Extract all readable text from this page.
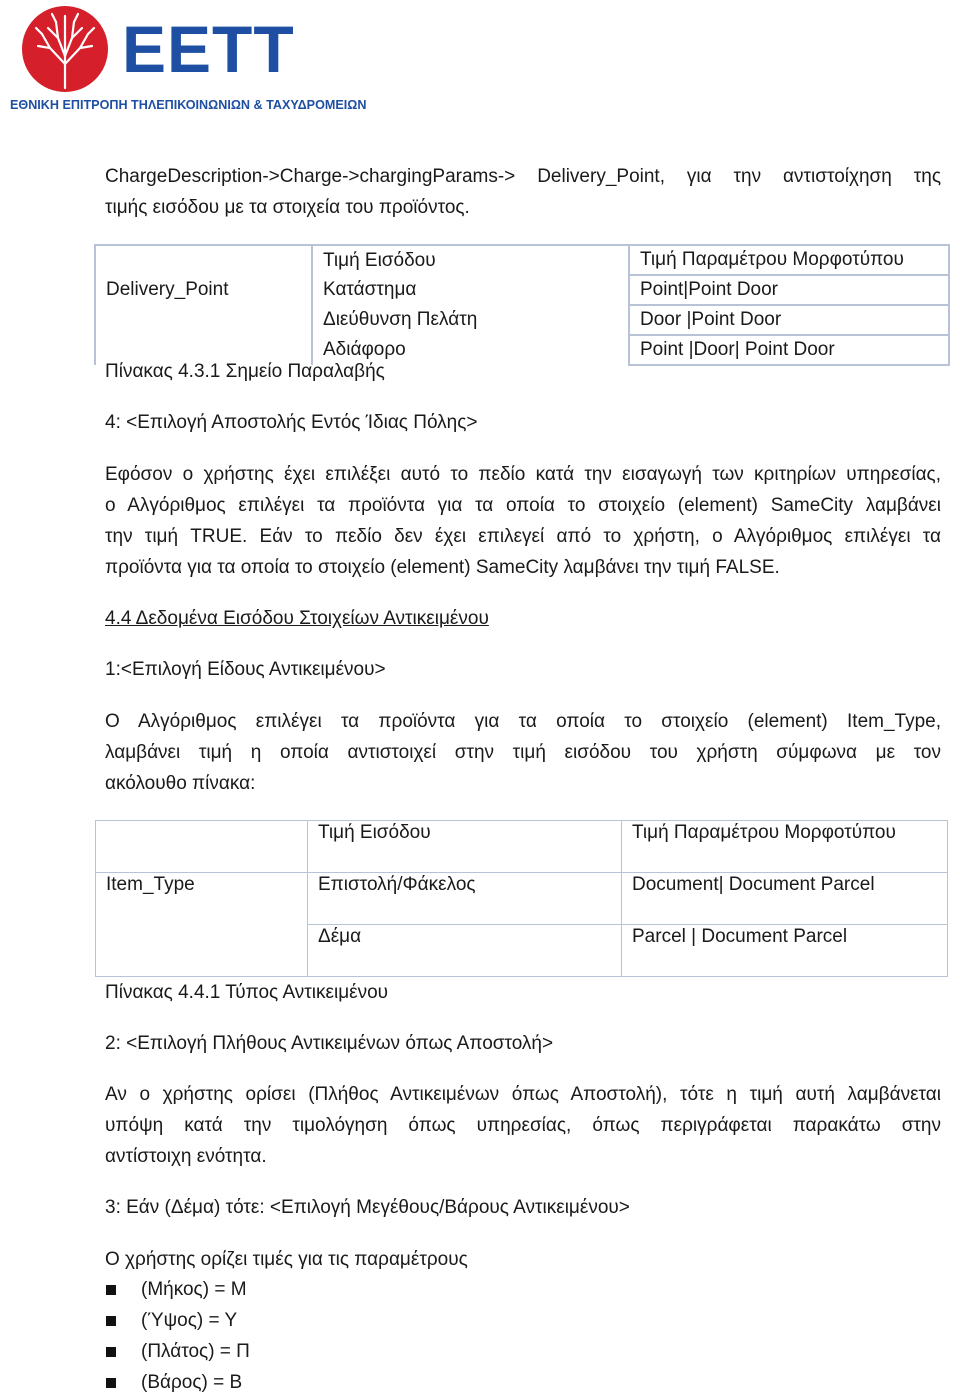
ΕΕΤΤ
ΕΘΝΙΚΗ ΕΠΙΤΡΟΠΗ ΤΗΛΕΠΙΚΟΙΝΩΝΙΩΝ & ΤΑΧΥΔΡΟΜΕΙΩΝ
ChargeDescription->Charge->chargingParams-> Delivery_Point, για την αντιστοίχηση της
τιμής εισόδου με τα στοιχεία του προϊόντος.
	Τιμή Εισόδου	Τιμή Παραμέτρου Μορφοτύπου
Delivery_Point	Κατάστημα	Point|Point Door
	Διεύθυνση Πελάτη	Door |Point Door
	Αδιάφορο	Point |Door| Point Door
Πίνακας 4.3.1 Σημείο Παραλαβής
4: <Επιλογή Αποστολής Εντός Ίδιας Πόλης>
Εφόσον ο χρήστης έχει επιλέξει αυτό το πεδίο κατά την εισαγωγή των κριτηρίων υπηρεσίας,
ο Αλγόριθμος επιλέγει τα προϊόντα για τα οποία το στοιχείο (element) SameCity λαμβάνει
την τιμή TRUE. Εάν το πεδίο δεν έχει επιλεγεί από το χρήστη, ο Αλγόριθμος επιλέγει τα
προϊόντα για τα οποία το στοιχείο (element) SameCity λαμβάνει την τιμή FALSE.
4.4 Δεδομένα Εισόδου Στοιχείων Αντικειμένου
1:<Επιλογή Είδους Αντικειμένου>
Ο Αλγόριθμος επιλέγει τα προϊόντα για τα οποία το στοιχείο (element) Item_Type,
λαμβάνει τιμή η οποία αντιστοιχεί στην τιμή εισόδου του χρήστη σύμφωνα με τον
ακόλουθο πίνακα:
	Τιμή Εισόδου	Τιμή Παραμέτρου Μορφοτύπου
Item_Type	Επιστολή/Φάκελος	Document| Document Parcel
	Δέμα	Parcel | Document Parcel
Πίνακας 4.4.1 Τύπος Αντικειμένου
2: <Επιλογή Πλήθους Αντικειμένων όπως Αποστολή>
Αν ο χρήστης ορίσει (Πλήθος Αντικειμένων όπως Αποστολή), τότε η τιμή αυτή λαμβάνεται
υπόψη κατά την τιμολόγηση όπως υπηρεσίας, όπως περιγράφεται παρακάτω στην
αντίστοιχη ενότητα.
3: Εάν (Δέμα) τότε: <Επιλογή Μεγέθους/Βάρους Αντικειμένου>
Ο χρήστης ορίζει τιμές για τις παραμέτρους
(Μήκος) = Μ
(Ύψος) = Υ
(Πλάτος) = Π
(Βάρος) = Β
